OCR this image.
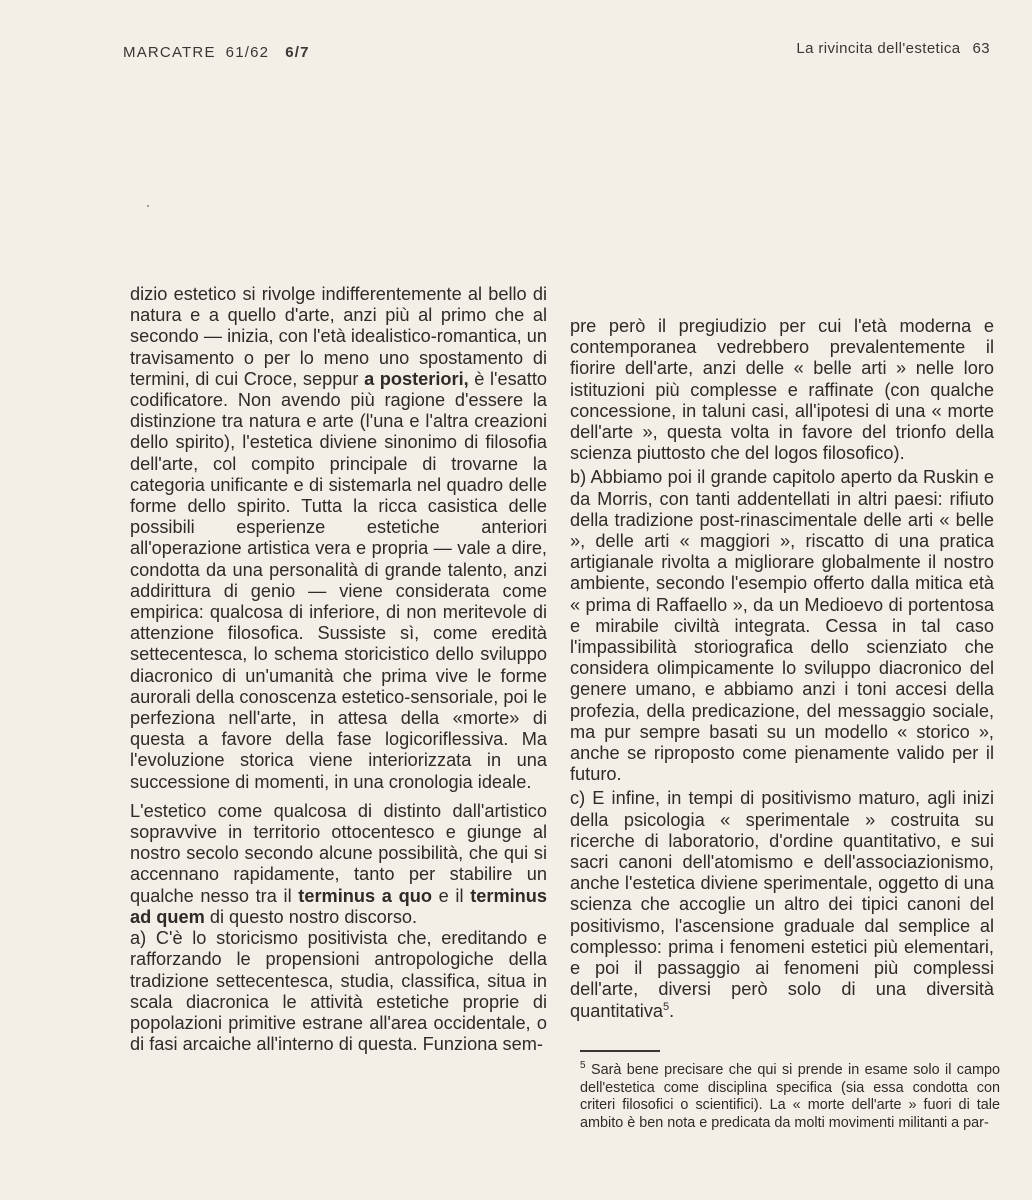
MARCATRE 61/62 6/7	La rivincita dell'estetica 63

dizio estetico si rivolge indifferentemente al bello di natura e a quello d'arte, anzi più al primo che al secondo — inizia, con l'età idealistico-romantica, un travisamento o per lo meno uno spostamento di termini, di cui Croce, seppur a posteriori, è l'esatto codificatore. Non avendo più ragione d'essere la distinzione tra natura e arte (l'una e l'altra creazioni dello spirito), l'estetica diviene sinonimo di filosofia dell'arte, col compito principale di trovarne la categoria unificante e di sistemarla nel quadro delle forme dello spirito. Tutta la ricca casistica delle possibili esperienze estetiche anteriori all'operazione artistica vera e propria — vale a dire, condotta da una personalità di grande talento, anzi addirittura di genio — viene considerata come empirica: qualcosa di inferiore, di non meritevole di attenzione filosofica. Sussiste sì, come eredità settecentesca, lo schema storicistico dello sviluppo diacronico di un'umanità che prima vive le forme aurorali della conoscenza estetico-sensoriale, poi le perfeziona nell'arte, in attesa della «morte» di questa a favore della fase logicoriflessiva. Ma l'evoluzione storica viene interiorizzata in una successione di momenti, in una cronologia ideale.

L'estetico come qualcosa di distinto dall'artistico sopravvive in territorio ottocentesco e giunge al nostro secolo secondo alcune possibilità, che qui si accennano rapidamente, tanto per stabilire un qualche nesso tra il terminus a quo e il terminus ad quem di questo nostro discorso.

a) C'è lo storicismo positivista che, ereditando e rafforzando le propensioni antropologiche della tradizione settecentesca, studia, classifica, situa in scala diacronica le attività estetiche proprie di popolazioni primitive estrane all'area occidentale, o di fasi arcaiche all'interno di questa. Funziona sem-

pre però il pregiudizio per cui l'età moderna e contemporanea vedrebbero prevalentemente il fiorire dell'arte, anzi delle « belle arti » nelle loro istituzioni più complesse e raffinate (con qualche concessione, in taluni casi, all'ipotesi di una « morte dell'arte », questa volta in favore del trionfo della scienza piuttosto che del logos filosofico).

b) Abbiamo poi il grande capitolo aperto da Ruskin e da Morris, con tanti addentellati in altri paesi: rifiuto della tradizione post-rinascimentale delle arti « belle », delle arti « maggiori », riscatto di una pratica artigianale rivolta a migliorare globalmente il nostro ambiente, secondo l'esempio offerto dalla mitica età « prima di Raffaello », da un Medioevo di portentosa e mirabile civiltà integrata. Cessa in tal caso l'impassibilità storiografica dello scienziato che considera olimpicamente lo sviluppo diacronico del genere umano, e abbiamo anzi i toni accesi della profezia, della predicazione, del messaggio sociale, ma pur sempre basati su un modello « storico », anche se riproposto come pienamente valido per il futuro.

c) E infine, in tempi di positivismo maturo, agli inizi della psicologia « sperimentale » costruita su ricerche di laboratorio, d'ordine quantitativo, e sui sacri canoni dell'atomismo e dell'associazionismo, anche l'estetica diviene sperimentale, oggetto di una scienza che accoglie un altro dei tipici canoni del positivismo, l'ascensione graduale dal semplice al complesso: prima i fenomeni estetici più elementari, e poi il passaggio ai fenomeni più complessi dell'arte, diversi però solo di una diversità quantitativa$^5$.

$^5$ Sarà bene precisare che qui si prende in esame solo il campo dell'estetica come disciplina specifica (sia essa condotta con criteri filosofici o scientifici). La « morte dell'arte » fuori di tale ambito è ben nota e predicata da molti movimenti militanti a par-
